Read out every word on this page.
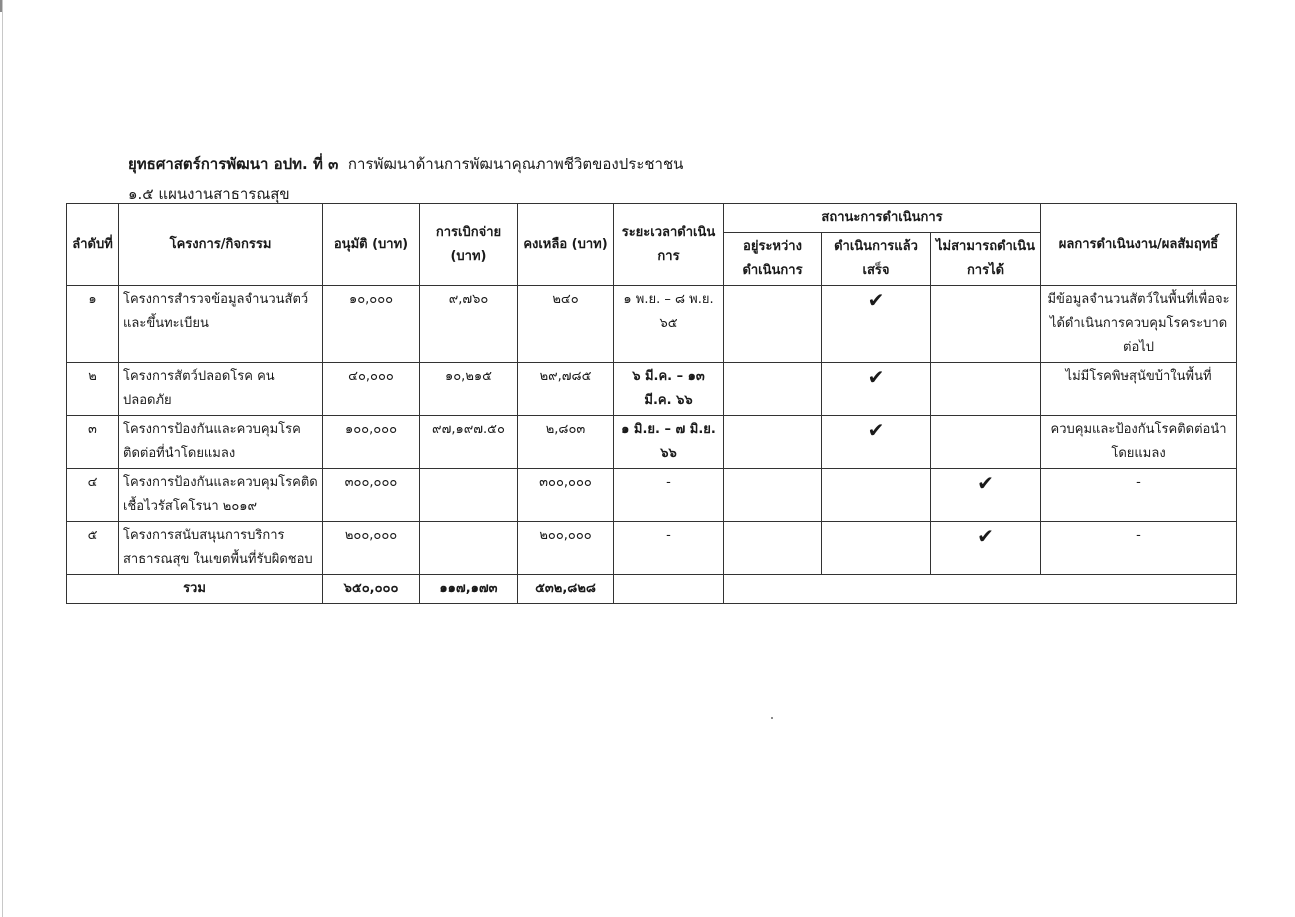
ยุทธศาสตร์การพัฒนา อปท. ที่ ๓ การพัฒนาด้านการพัฒนาคุณภาพชีวิตของประชาชน
๑.๕ แผนงานสาธารณสุข
ลำดับที่	โครงการ/กิจกรรม	อนุมัติ (บาท)	การเบิกจ่าย (บาท)	คงเหลือ (บาท)	ระยะเวลาดำเนินการ	สถานะการดำเนินการ			ผลการดำเนินงาน/ผลสัมฤทธิ์
						อยู่ระหว่างดำเนินการ	ดำเนินการแล้วเสร็จ	ไม่สามารถดำเนินการได้	
๑	โครงการสำรวจข้อมูลจำนวนสัตว์และขึ้นทะเบียน	๑๐,๐๐๐	๙,๗๖๐	๒๔๐	๑ พ.ย. – ๘ พ.ย. ๖๕		✔		มีข้อมูลจำนวนสัตว์ในพื้นที่เพื่อจะได้ดำเนินการควบคุมโรคระบาดต่อไป
๒	โครงการสัตว์ปลอดโรค คนปลอดภัย	๔๐,๐๐๐	๑๐,๒๑๕	๒๙,๗๘๕	๖ มี.ค. – ๑๓ มี.ค. ๖๖		✔		ไม่มีโรคพิษสุนัขบ้าในพื้นที่
๓	โครงการป้องกันและควบคุมโรคติดต่อที่นำโดยแมลง	๑๐๐,๐๐๐	๙๗,๑๙๗.๕๐	๒,๘๐๓	๑ มิ.ย. – ๗ มิ.ย. ๖๖		✔		ควบคุมและป้องกันโรคติดต่อนำโดยแมลง
๔	โครงการป้องกันและควบคุมโรคติดเชื้อไวรัสโคโรนา ๒๐๑๙	๓๐๐,๐๐๐		๓๐๐,๐๐๐	-			✔	-
๕	โครงการสนับสนุนการบริการสาธารณสุข ในเขตพื้นที่รับผิดชอบ	๒๐๐,๐๐๐		๒๐๐,๐๐๐	-			✔	-
รวม		๖๕๐,๐๐๐	๑๑๗,๑๗๓	๕๓๒,๘๒๘					
